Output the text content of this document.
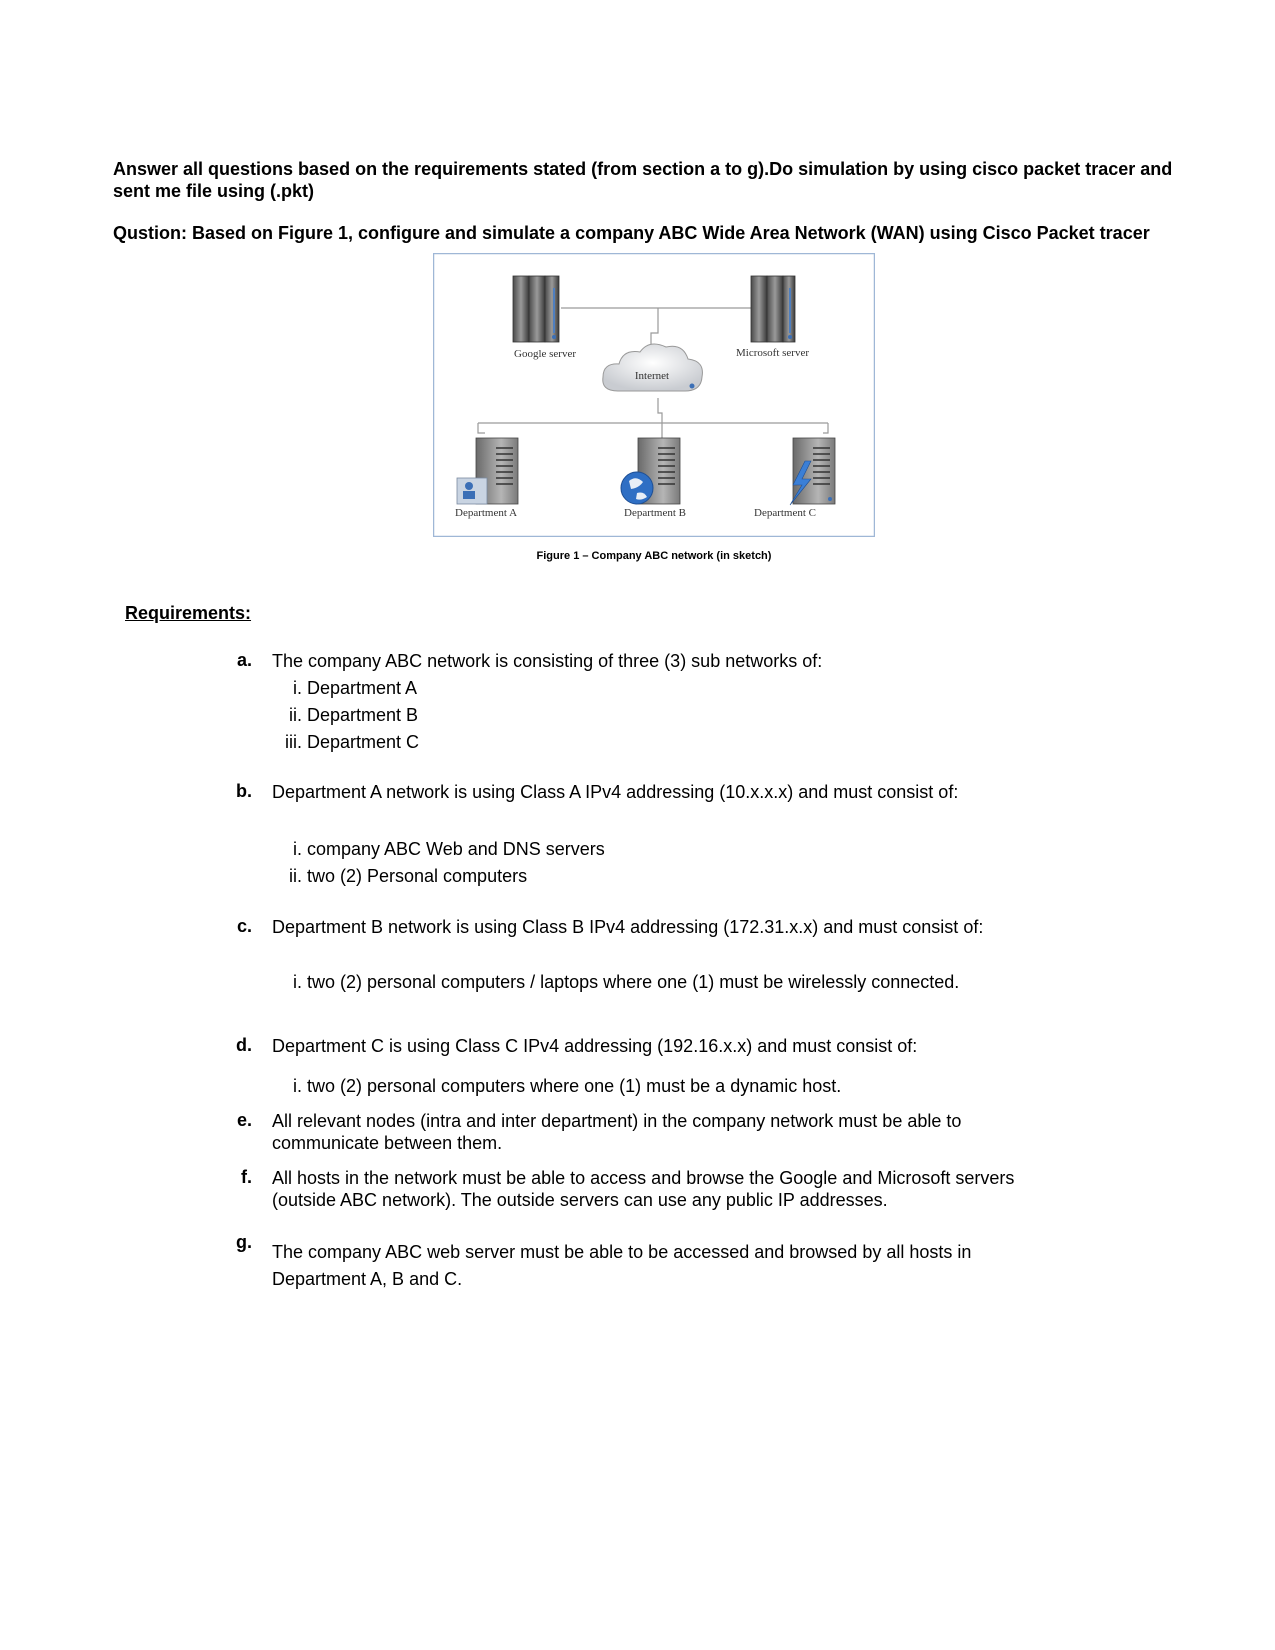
Answer all questions based on the requirements stated (from section a to g).Do simulation by using cisco packet tracer and sent me file using (.pkt)
Qustion: Based on Figure 1, configure and simulate a company ABC Wide Area Network (WAN) using Cisco Packet tracer
Google server	Microsoft server
Internet
Department A	Department B	Department C
Figure 1 – Company ABC network (in sketch)
Requirements:
a. The company ABC network is consisting of three (3) sub networks of:
i. Department A
ii. Department B
iii. Department C
b. Department A network is using Class A IPv4 addressing (10.x.x.x) and must consist of:
i. company ABC Web and DNS servers
ii. two (2) Personal computers
c. Department B network is using Class B IPv4 addressing (172.31.x.x) and must consist of:
i. two (2) personal computers / laptops where one (1) must be wirelessly connected.
d. Department C is using Class C IPv4 addressing (192.16.x.x) and must consist of:
i. two (2) personal computers where one (1) must be a dynamic host.
e. All relevant nodes (intra and inter department) in the company network must be able to communicate between them.
f. All hosts in the network must be able to access and browse the Google and Microsoft servers (outside ABC network). The outside servers can use any public IP addresses.
g. The company ABC web server must be able to be accessed and browsed by all hosts in Department A, B and C.
